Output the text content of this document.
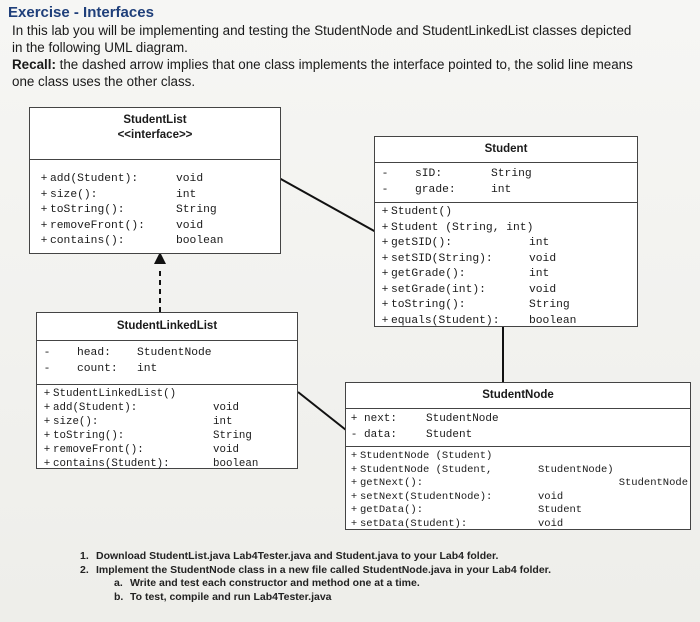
Exercise - Interfaces

In this lab you will be implementing and testing the StudentNode and StudentLinkedList classes depicted

in the following UML diagram.

Recall: the dashed arrow implies that one class implements the interface pointed to, the solid line means

one class uses the other class.

StudentList
<<interface>>
+ add(Student):	void
+ size():	int
+ toString():	String
+ removeFront():	void
+ contains():	boolean
Student
-	sID:	String
-	grade:	int
+ Student()
+ Student (String, int)
+ getSID():	int
+ setSID(String):	void
+ getGrade():	int
+ setGrade(int):	void
+ toString():	String
+ equals(Student):	boolean
StudentLinkedList
-	head:	StudentNode
-	count:	int
+ StudentLinkedList()
+ add(Student):	void
+ size():	int
+ toString():	String
+ removeFront():	void
+ contains(Student):	boolean
StudentNode
+ next:	StudentNode
- data:	Student
+ StudentNode (Student)
+ StudentNode (Student,	StudentNode)
+ getNext():	StudentNode
+ setNext(StudentNode):	void
+ getData():	Student
+ setData(Student):	void
1. Download StudentList.java Lab4Tester.java and Student.java to your Lab4 folder.
2. Implement the StudentNode class in a new file called StudentNode.java in your Lab4 folder.
a. Write and test each constructor and method one at a time.
b. To test, compile and run Lab4Tester.java
